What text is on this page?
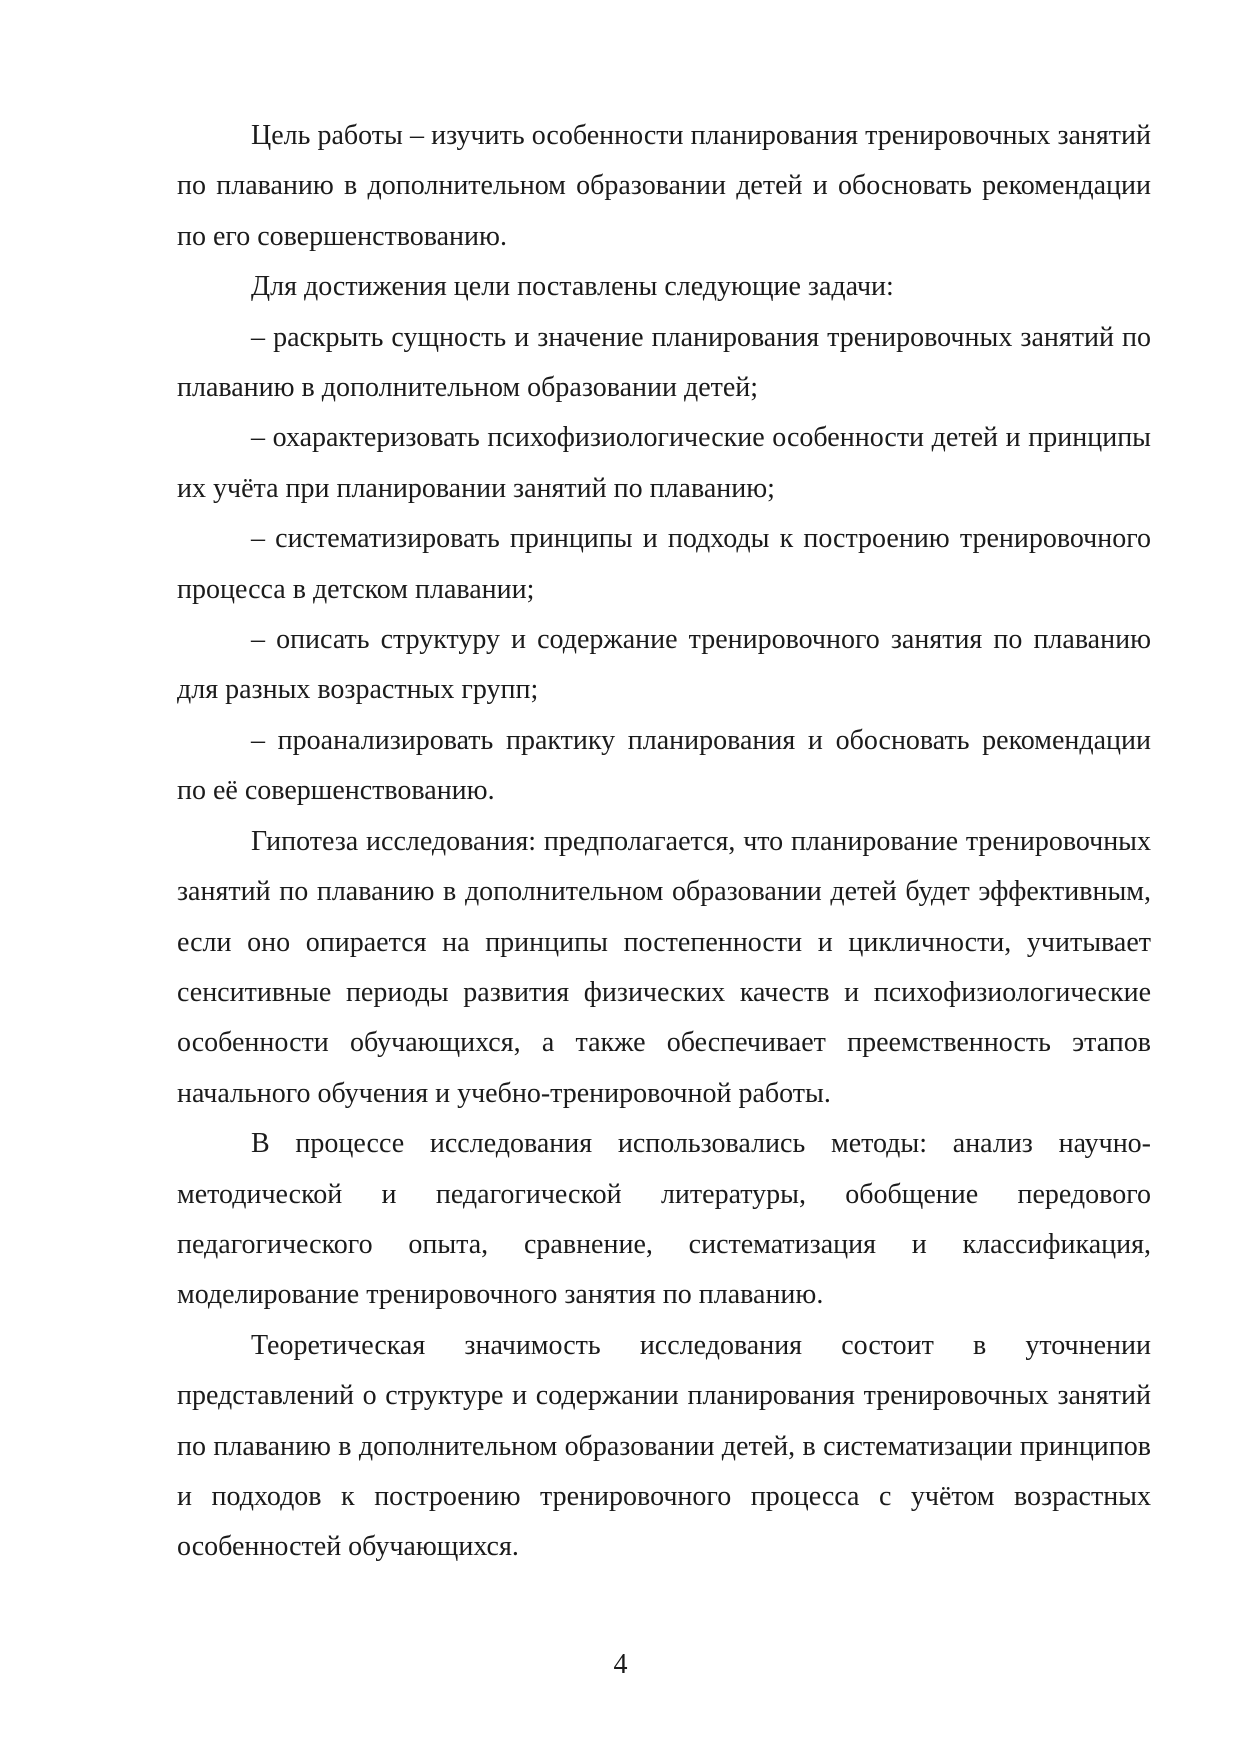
Цель работы – изучить особенности планирования тренировочных занятий по плаванию в дополнительном образовании детей и обосновать рекомендации по его совершенствованию.

Для достижения цели поставлены следующие задачи:

– раскрыть сущность и значение планирования тренировочных занятий по плаванию в дополнительном образовании детей;

– охарактеризовать психофизиологические особенности детей и принципы их учёта при планировании занятий по плаванию;

– систематизировать принципы и подходы к построению тренировочного процесса в детском плавании;

– описать структуру и содержание тренировочного занятия по плаванию для разных возрастных групп;

– проанализировать практику планирования и обосновать рекомендации по её совершенствованию.

Гипотеза исследования: предполагается, что планирование тренировочных занятий по плаванию в дополнительном образовании детей будет эффективным, если оно опирается на принципы постепенности и цикличности, учитывает сенситивные периоды развития физических качеств и психофизиологические особенности обучающихся, а также обеспечивает преемственность этапов начального обучения и учебно-тренировочной работы.

В процессе исследования использовались методы: анализ научно-методической и педагогической литературы, обобщение передового педагогического опыта, сравнение, систематизация и классификация, моделирование тренировочного занятия по плаванию.

Теоретическая значимость исследования состоит в уточнении представлений о структуре и содержании планирования тренировочных занятий по плаванию в дополнительном образовании детей, в систематизации принципов и подходов к построению тренировочного процесса с учётом возрастных особенностей обучающихся.

4
